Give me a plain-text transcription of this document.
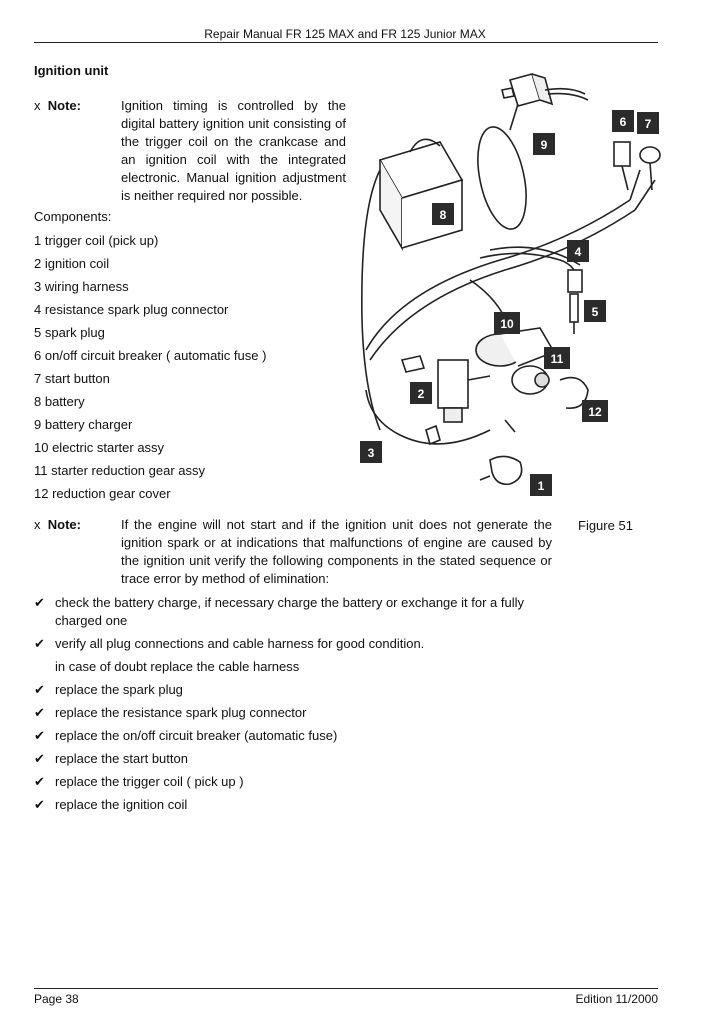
Repair Manual FR 125 MAX and FR 125 Junior MAX
Ignition unit
x Note:	Ignition timing is controlled by the digital battery ignition unit consisting of the trigger coil on the crankcase and an ignition coil with the integrated electronic. Manual ignition adjustment is neither required nor possible.
Components:
1 trigger coil (pick up)
2 ignition coil
3 wiring harness
4 resistance spark plug connector
5 spark plug
6 on/off circuit breaker ( automatic fuse )
7 start button
8 battery
9 battery charger
10 electric starter assy
11 starter reduction gear assy
12 reduction gear cover
6 7
9
8
4
5
10
11
2
12
3
1
x Note:	If the engine will not start and if the ignition unit does not generate the ignition spark or at indications that malfunctions of engine are caused by the ignition unit verify the following components in the stated sequence or trace error by method of elimination:
Figure 51
✔ check the battery charge, if necessary charge the battery or exchange it for a fully charged one
✔ verify all plug connections and cable harness for good condition.
in case of doubt replace the cable harness
✔ replace the spark plug
✔ replace the resistance spark plug connector
✔ replace the on/off circuit breaker (automatic fuse)
✔ replace the start button
✔ replace the trigger coil ( pick up )
✔ replace the ignition coil
Page 38	Edition 11/2000
